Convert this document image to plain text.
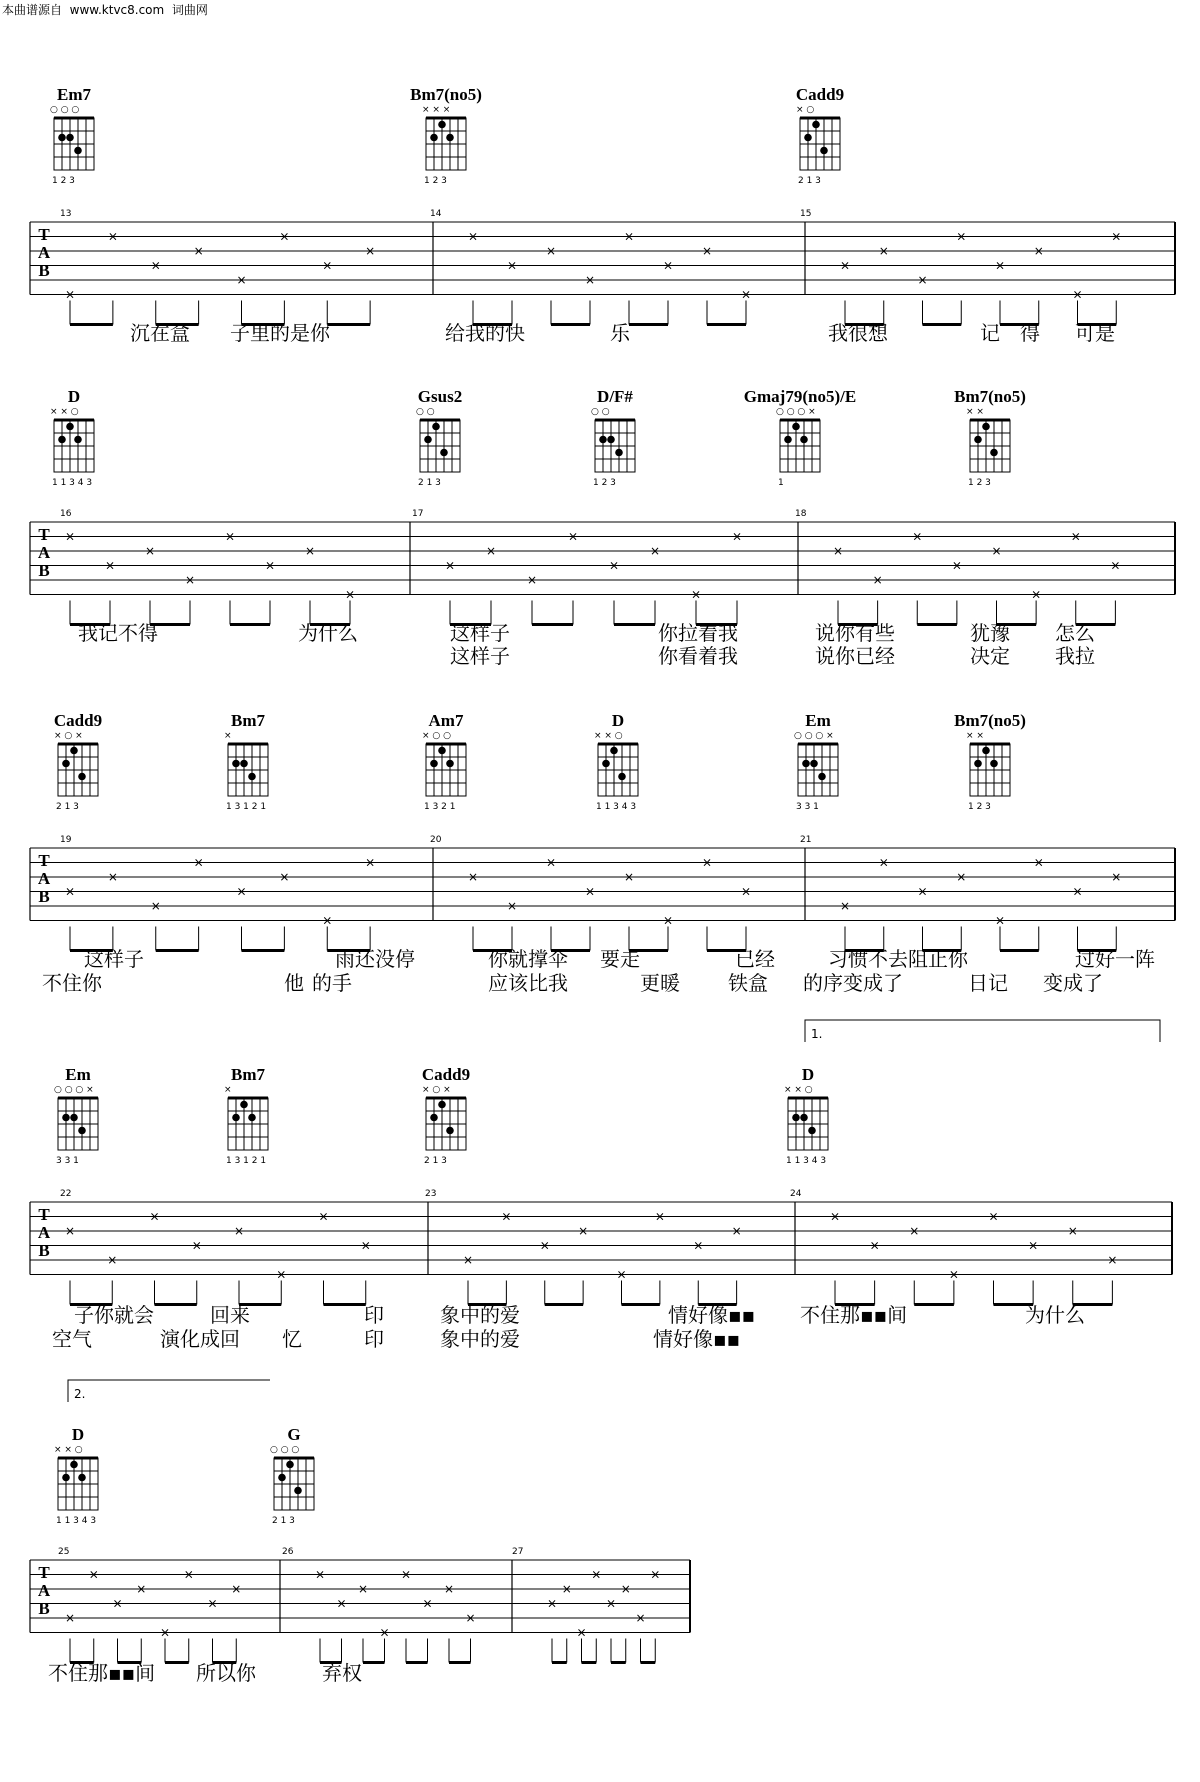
本曲谱源自  www.ktvc8.com  词曲网
Em7
○ ○ ○
1 2 3
Bm7(no5)
× × ×
1 2 3
Cadd9
× ○
2 1 3
T
A
B
13	14	15
×
×
×
×
×
×
×
×
×
×
×
×
×
×
×
×
×
×
×
×
×
×
×
×
沉在盒 子里的是你	给我的快	乐	我很想	记 得 可是
D
× × ○
1 1 3 4 3
Gsus2
○ ○
2 1 3
D/F#
○ ○
1 2 3
Gmaj79(no5)/E
○ ○ ○ ×
1
Bm7(no5)
× ×
1 2 3
T
A
B
16	17	18
×
×
×
×
×
×
×
×
×
×
×
×
×
×
×
×
×
×
×
×
×
×
×
×
我记不得	为什么	这样子	你拉着我	说你有些	犹豫 怎么
这样子	你看着我	说你已经	决定 我拉
Cadd9
× ○ ×
2 1 3
Bm7
×
1 3 1 2 1
Am7
× ○ ○
1 3 2 1
D
× × ○
1 1 3 4 3
Em
○ ○ ○ ×
3 3 1
Bm7(no5)
× ×
1 2 3
T
A
B
19	20	21
×
×
×
×
×
×
×
×
×
×
×
×
×
×
×
×
×
×
×
×
×
×
×
×
这样子	雨还没停	你就撑伞 要走	已经	习惯不去阻止你	过好一阵
不住你	他 的手	应该比我	更暖 铁盒 的序变成了	日记 变成了
Em
○ ○ ○ ×
3 3 1
Bm7
×
1 3 1 2 1
Cadd9
× ○ ×
2 1 3
D
× × ○
1 1 3 4 3
T
A
B
22	23	24
×
×
×
×
×
×
×
×
×
×
×
×
×
×
×
×
×
×
×
×
×
×
×
×
1.
子你就会	回来	印	象中的爱	情好像▪▪ 不住那▪▪间	为什么
空气	演化成回 忆	印	象中的爱	情好像▪▪
D
× × ○
1 1 3 4 3
G
○ ○ ○
2 1 3
T
A
B
25	26	27
×
×
×
×
×
×
×
×
×
×
×
×
×
×
×
×
×
×
×
×
×
×
×
×
2.
不住那▪▪间 所以你	弃权
